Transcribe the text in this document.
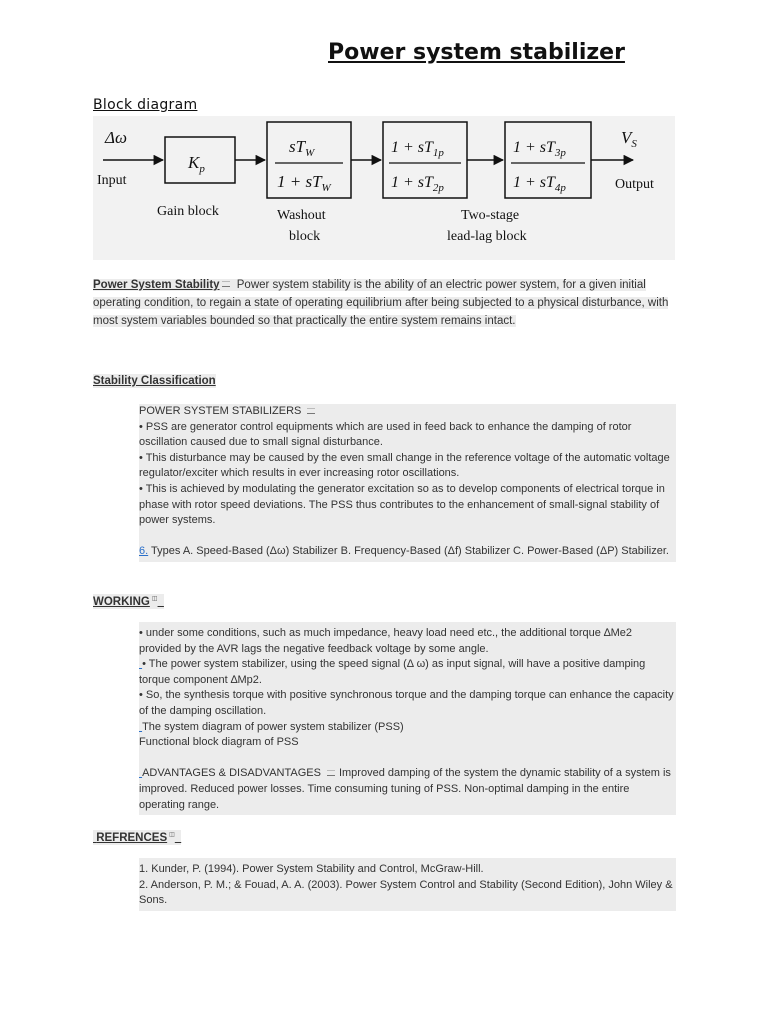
Power system stabilizer
Block diagram
Δω
Input
$K_p$
Gain block
$sT_W$
$1 + sT_W$
Washout
block
$1 + sT_{1p}$
$1 + sT_{2p}$
$1 + sT_{3p}$
$1 + sT_{4p}$
Two-stage
lead-lag block
$V_S$
Output
Power System Stability Power system stability is the ability of an electric power system, for a given initial operating condition, to regain a state of operating equilibrium after being subjected to a physical disturbance, with most system variables bounded so that practically the entire system remains intact.
Stability Classification

POWER SYSTEM STABILIZERS

• PSS are generator control equipments which are used in feed back to enhance the damping of rotor oscillation caused due to small signal disturbance.

• This disturbance may be caused by the even small change in the reference voltage of the automatic voltage regulator/exciter which results in ever increasing rotor oscillations.

• This is achieved by modulating the generator excitation so as to develop components of electrical torque in phase with rotor speed deviations. The PSS thus contributes to the enhancement of small-signal stability of power systems.

6. Types A. Speed-Based (Δω) Stabilizer B. Frequency-Based (Δf) Stabilizer C. Power-Based (ΔP) Stabilizer.

WORKING ◫

• under some conditions, such as much impedance, heavy load need etc., the additional torque ∆Me2 provided by the AVR lags the negative feedback voltage by some angle.

• The power system stabilizer, using the speed signal (Δ ω) as input signal, will have a positive damping torque component ∆Mp2.

• So, the synthesis torque with positive synchronous torque and the damping torque can enhance the capacity of the damping oscillation.

The system diagram of power system stabilizer (PSS)

Functional block diagram of PSS

ADVANTAGES & DISADVANTAGES Improved damping of the system the dynamic stability of a system is improved. Reduced power losses. Time consuming tuning of PSS. Non-optimal damping in the entire operating range.

REFRENCES ◫

1. Kunder, P. (1994). Power System Stability and Control, McGraw-Hill.

2. Anderson, P. M.; & Fouad, A. A. (2003). Power System Control and Stability (Second Edition), John Wiley & Sons.
